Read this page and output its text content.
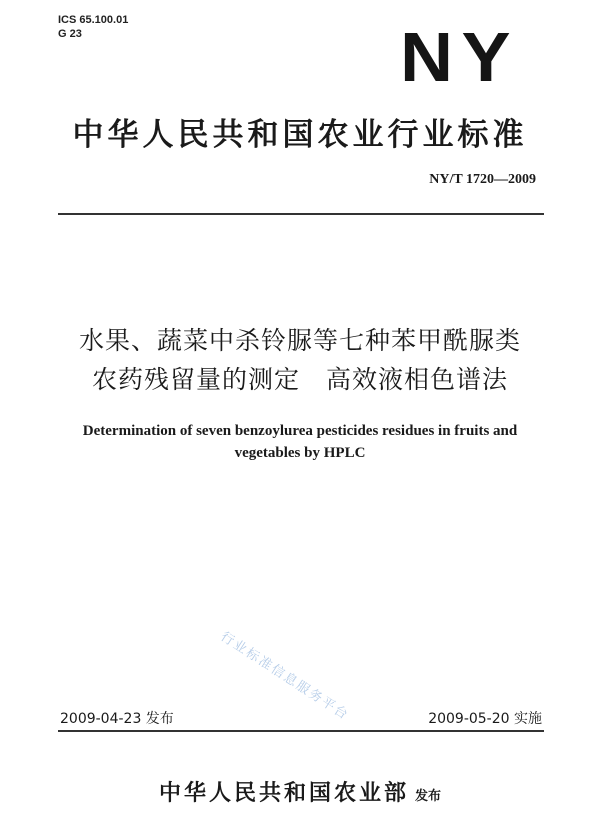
ICS 65.100.01
G 23	NY
中华人民共和国农业行业标准
NY/T 1720—2009
水果、蔬菜中杀铃脲等七种苯甲酰脲类
农药残留量的测定　高效液相色谱法
Determination of seven benzoylurea pesticides residues in fruits and
vegetables by HPLC
行业标准信息服务平台
2009-04-23 发布	2009-05-20 实施
中华人民共和国农业部 发布
